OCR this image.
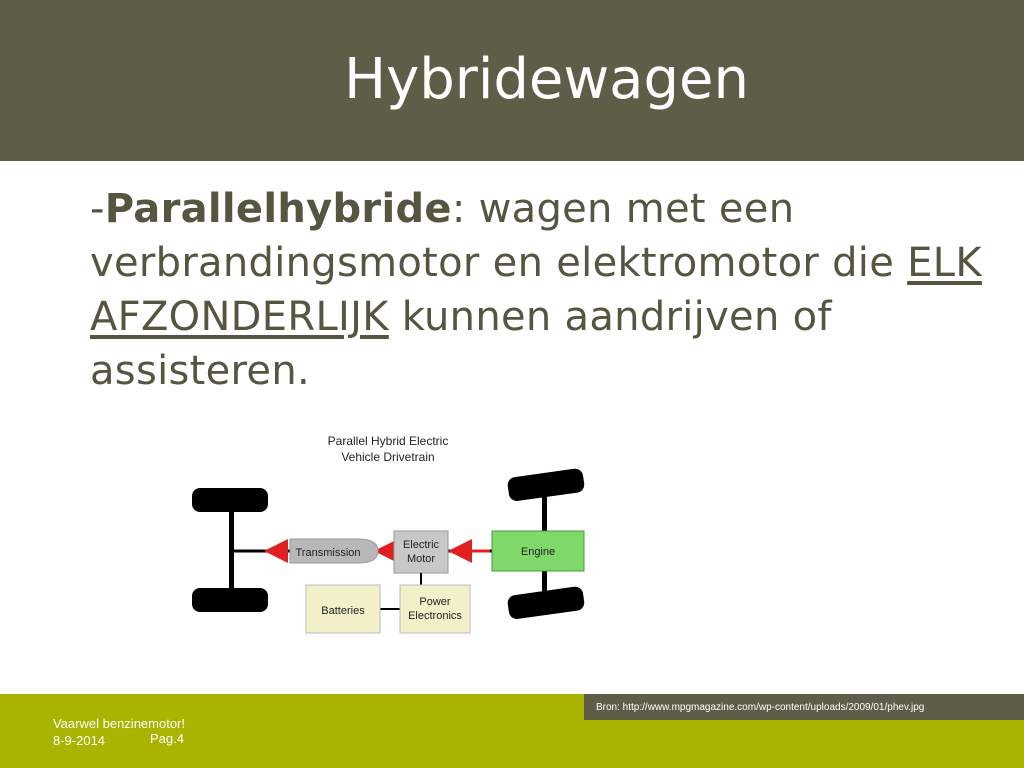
Hybridewagen
-Parallelhybride: wagen met een verbrandingsmotor en elektromotor die ELK AFZONDERLIJK kunnen aandrijven of assisteren.
Parallel Hybrid Electric
Vehicle Drivetrain
Transmission
Electric
Motor
Engine
Batteries
Power
Electronics
Bron: http://www.mpgmagazine.com/wp-content/uploads/2009/01/phev.jpg
Vaarwel benzinemotor!
8-9-2014	Pag.4
